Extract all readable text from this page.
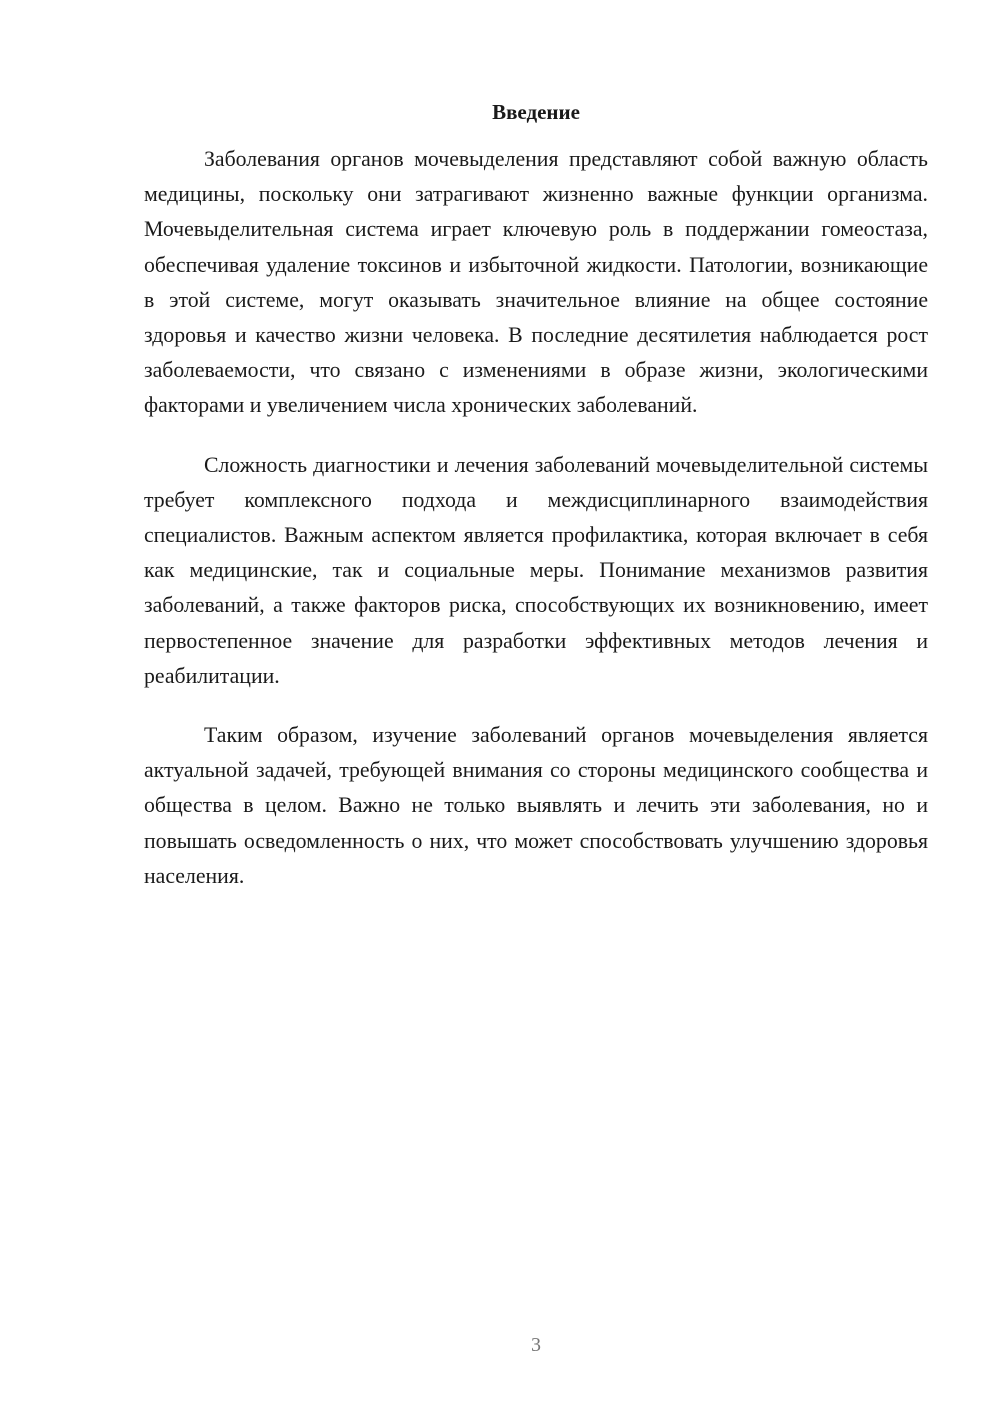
Введение

Заболевания органов мочевыделения представляют собой важную область медицины, поскольку они затрагивают жизненно важные функции организма. Мочевыделительная система играет ключевую роль в поддержании гомеостаза, обеспечивая удаление токсинов и избыточной жидкости. Патологии, возникающие в этой системе, могут оказывать значительное влияние на общее состояние здоровья и качество жизни человека. В последние десятилетия наблюдается рост заболеваемости, что связано с изменениями в образе жизни, экологическими факторами и увеличением числа хронических заболеваний.

Сложность диагностики и лечения заболеваний мочевыделительной системы требует комплексного подхода и междисциплинарного взаимодействия специалистов. Важным аспектом является профилактика, которая включает в себя как медицинские, так и социальные меры. Понимание механизмов развития заболеваний, а также факторов риска, способствующих их возникновению, имеет первостепенное значение для разработки эффективных методов лечения и реабилитации.

Таким образом, изучение заболеваний органов мочевыделения является актуальной задачей, требующей внимания со стороны медицинского сообщества и общества в целом. Важно не только выявлять и лечить эти заболевания, но и повышать осведомленность о них, что может способствовать улучшению здоровья населения.

3
